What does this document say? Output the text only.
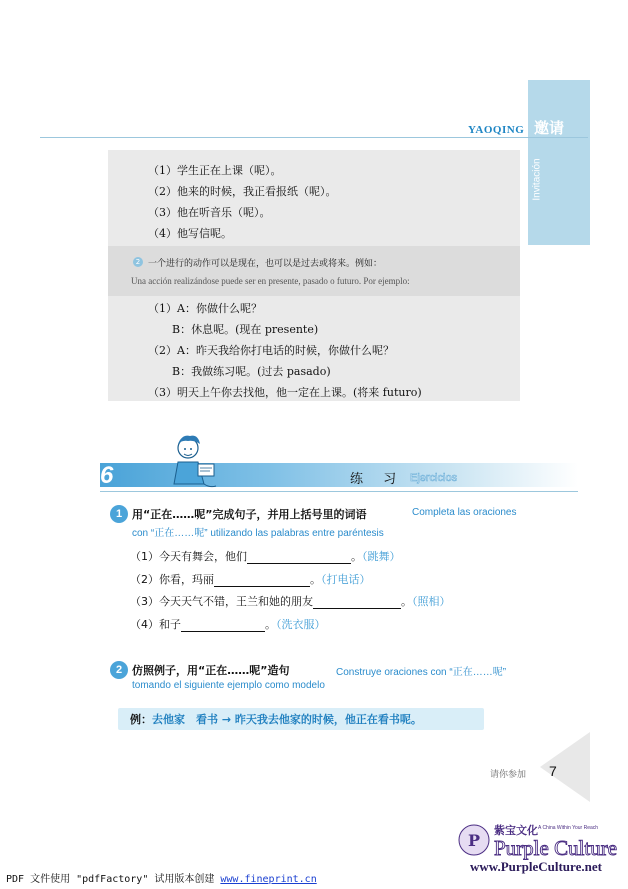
YAOQING 邀请
Invitación
（1）学生正在上课（呢）。
（2）他来的时候，我正看报纸（呢）。
（3）他在听音乐（呢）。
（4）他写信呢。
2 一个进行的动作可以是现在，也可以是过去或将来。例如：
Una acción realizándose puede ser en presente, pasado o futuro. Por ejemplo:
（1）A：你做什么呢？
B：休息呢。(现在 presente)
（2）A：昨天我给你打电话的时候，你做什么呢？
B：我做练习呢。(过去 pasado)
（3）明天上午你去找他，他一定在上课。(将来 futuro)
6	练 习 Ejercicios
1 用“正在……呢”完成句子，并用上括号里的词语	Completa las oraciones
con “正在……呢” utilizando las palabras entre paréntesis
（1）今天有舞会，他们	。（跳舞）
（2）你看，玛丽	。（打电话）
（3）今天天气不错，王兰和她的朋友	。（照相）
（4）和子	。（洗衣服）
2 仿照例子，用“正在……呢”造句	Construye oraciones con “正在……呢”
tomando el siguiente ejemplo como modelo
例：去他家　看书 → 昨天我去他家的时候，他正在看书呢。
请你参加 7
P
紫宝文化 A China Within Your Reach
Purple Culture
www.PurpleCulture.net
PDF 文件使用 "pdfFactory" 试用版本创建 www.fineprint.cn
